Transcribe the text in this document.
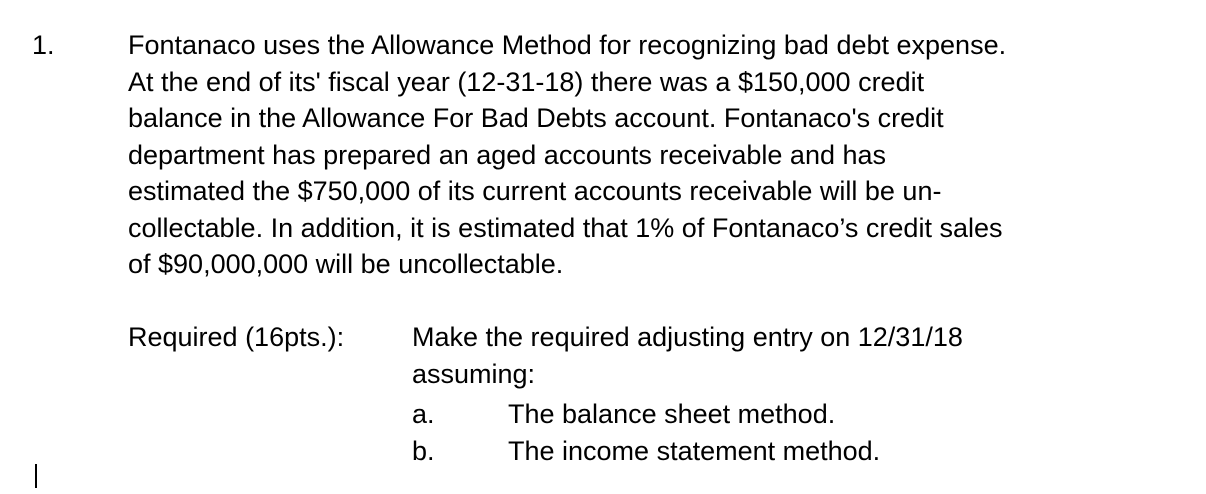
1.	Fontanaco uses the Allowance Method for recognizing bad debt expense.
At the end of its' fiscal year (12-31-18) there was a $150,000 credit
balance in the Allowance For Bad Debts account. Fontanaco's credit
department has prepared an aged accounts receivable and has
estimated the $750,000 of its current accounts receivable will be un-
collectable. In addition, it is estimated that 1% of Fontanaco’s credit sales
of $90,000,000 will be uncollectable.
Required (16pts.):	Make the required adjusting entry on 12/31/18
assuming:
a.	The balance sheet method.
b.	The income statement method.
